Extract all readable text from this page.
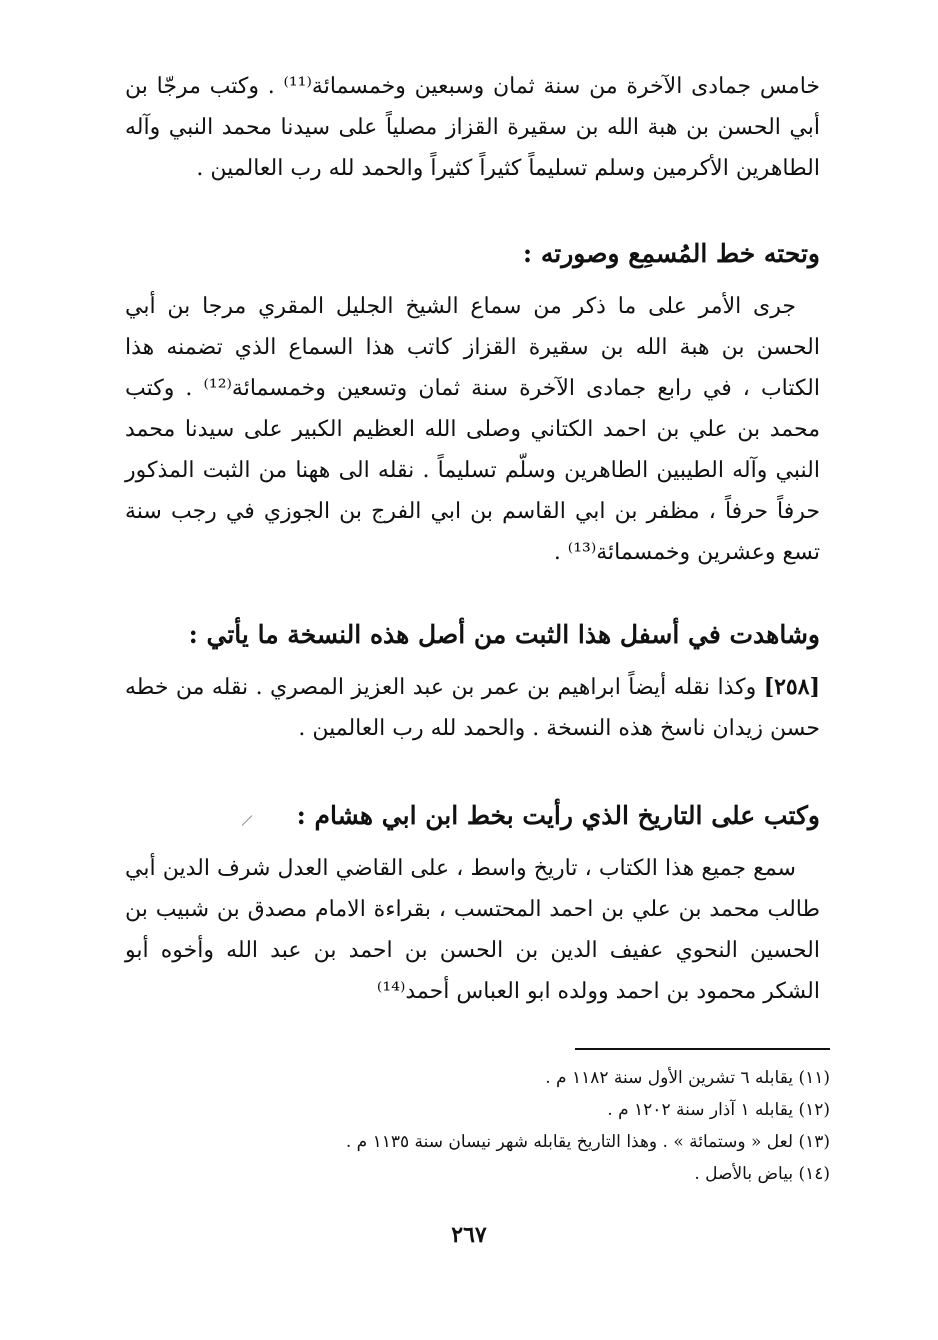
خامس جمادى الآخرة من سنة ثمان وسبعين وخمسمائة⁽¹¹⁾ . وكتب مرجّا بن أبي الحسن بن هبة الله بن سقيرة القزاز مصلياً على سيدنا محمد النبي وآله الطاهرين الأكرمين وسلم تسليماً كثيراً كثيراً والحمد لله رب العالمين .

وتحته خط المُسمِع وصورته :

جرى الأمر على ما ذكر من سماع الشيخ الجليل المقري مرجا بن أبي الحسن بن هبة الله بن سقيرة القزاز كاتب هذا السماع الذي تضمنه هذا الكتاب ، في رابع جمادى الآخرة سنة ثمان وتسعين وخمسمائة⁽¹²⁾ . وكتب محمد بن علي بن احمد الكتاني وصلى الله العظيم الكبير على سيدنا محمد النبي وآله الطيبين الطاهرين وسلّم تسليماً . نقله الى ههنا من الثبت المذكور حرفاً حرفاً ، مظفر بن ابي القاسم بن ابي الفرج بن الجوزي في رجب سنة تسع وعشرين وخمسمائة⁽¹³⁾ .

وشاهدت في أسفل هذا الثبت من أصل هذه النسخة ما يأتي :

[٢٥٨] وكذا نقله أيضاً ابراهيم بن عمر بن عبد العزيز المصري . نقله من خطه حسن زيدان ناسخ هذه النسخة . والحمد لله رب العالمين .

وكتب على التاريخ الذي رأيت بخط ابن ابي هشام :

سمع جميع هذا الكتاب ، تاريخ واسط ، على القاضي العدل شرف الدين أبي طالب محمد بن علي بن احمد المحتسب ، بقراءة الامام مصدق بن شبيب بن الحسين النحوي عفيف الدين بن الحسن بن احمد بن عبد الله وأخوه أبو الشكر محمود بن احمد وولده ابو العباس أحمد⁽¹⁴⁾

(١١) يقابله ٦ تشرين الأول سنة ١١٨٢ م .
(١٢) يقابله ١ آذار سنة ١٢٠٢ م .
(١٣) لعل « وستمائة » . وهذا التاريخ يقابله شهر نيسان سنة ١١٣٥ م .
(١٤) بياض بالأصل .
٢٦٧
